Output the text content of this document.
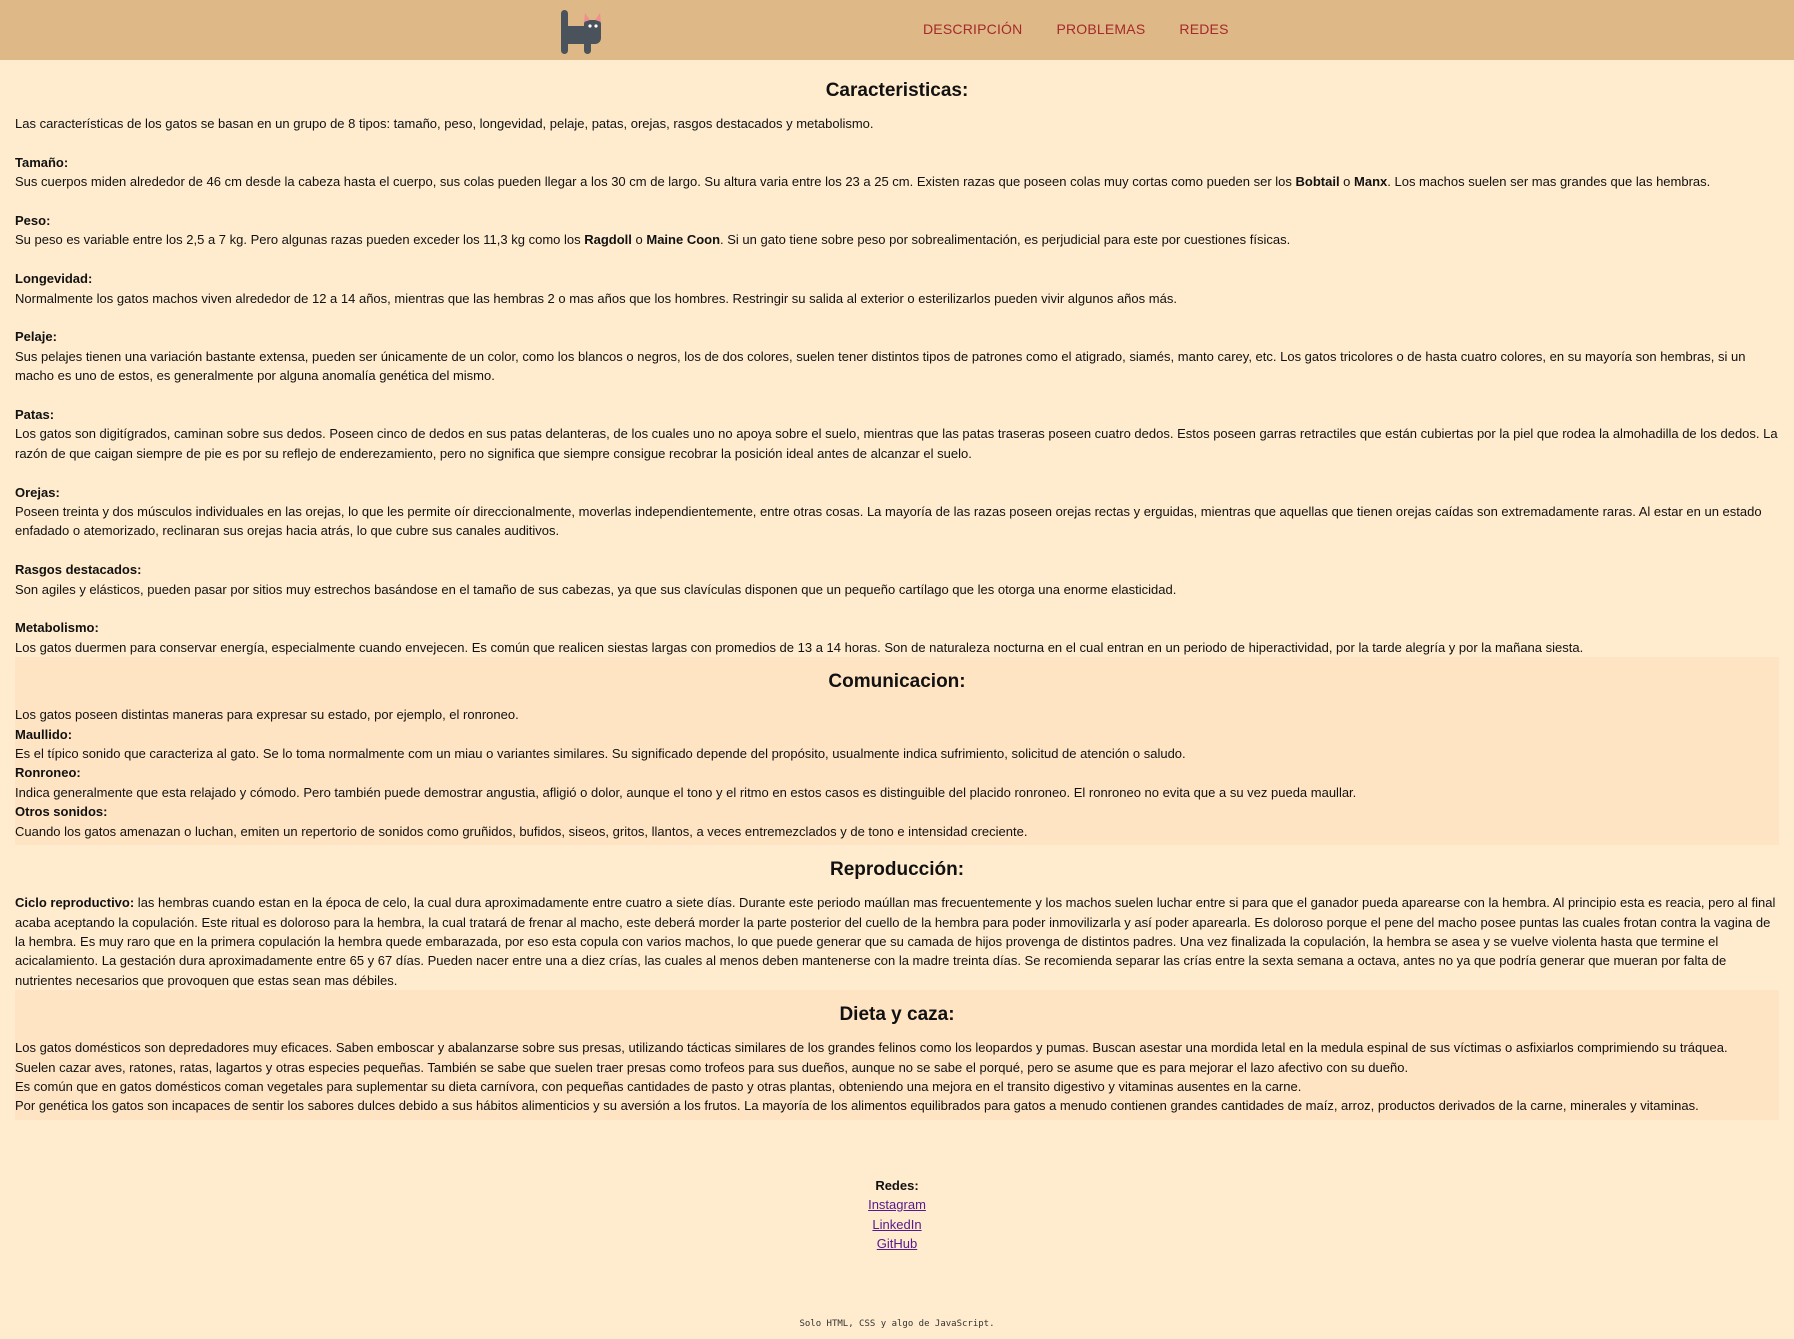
DESCRIPCIÓN PROBLEMAS REDES
Caracteristicas:

Las características de los gatos se basan en un grupo de 8 tipos: tamaño, peso, longevidad, pelaje, patas, orejas, rasgos destacados y metabolismo.

Tamaño:
Sus cuerpos miden alrededor de 46 cm desde la cabeza hasta el cuerpo, sus colas pueden llegar a los 30 cm de largo. Su altura varia entre los 23 a 25 cm. Existen razas que poseen colas muy cortas como pueden ser los Bobtail o Manx. Los machos suelen ser mas grandes que las hembras.

Peso:
Su peso es variable entre los 2,5 a 7 kg. Pero algunas razas pueden exceder los 11,3 kg como los Ragdoll o Maine Coon. Si un gato tiene sobre peso por sobrealimentación, es perjudicial para este por cuestiones físicas.

Longevidad:
Normalmente los gatos machos viven alrededor de 12 a 14 años, mientras que las hembras 2 o mas años que los hombres. Restringir su salida al exterior o esterilizarlos pueden vivir algunos años más.

Pelaje:
Sus pelajes tienen una variación bastante extensa, pueden ser únicamente de un color, como los blancos o negros, los de dos colores, suelen tener distintos tipos de patrones como el atigrado, siamés, manto carey, etc. Los gatos tricolores o de hasta cuatro colores, en su mayoría son hembras, si un macho es uno de estos, es generalmente por alguna anomalía genética del mismo.

Patas:
Los gatos son digitígrados, caminan sobre sus dedos. Poseen cinco de dedos en sus patas delanteras, de los cuales uno no apoya sobre el suelo, mientras que las patas traseras poseen cuatro dedos. Estos poseen garras retractiles que están cubiertas por la piel que rodea la almohadilla de los dedos. La razón de que caigan siempre de pie es por su reflejo de enderezamiento, pero no significa que siempre consigue recobrar la posición ideal antes de alcanzar el suelo.

Orejas:
Poseen treinta y dos músculos individuales en las orejas, lo que les permite oír direccionalmente, moverlas independientemente, entre otras cosas. La mayoría de las razas poseen orejas rectas y erguidas, mientras que aquellas que tienen orejas caídas son extremadamente raras. Al estar en un estado enfadado o atemorizado, reclinaran sus orejas hacia atrás, lo que cubre sus canales auditivos.

Rasgos destacados:
Son agiles y elásticos, pueden pasar por sitios muy estrechos basándose en el tamaño de sus cabezas, ya que sus clavículas disponen que un pequeño cartílago que les otorga una enorme elasticidad.

Metabolismo:
Los gatos duermen para conservar energía, especialmente cuando envejecen. Es común que realicen siestas largas con promedios de 13 a 14 horas. Son de naturaleza nocturna en el cual entran en un periodo de hiperactividad, por la tarde alegría y por la mañana siesta.

Comunicacion:

Los gatos poseen distintas maneras para expresar su estado, por ejemplo, el ronroneo.

Maullido:
Es el típico sonido que caracteriza al gato. Se lo toma normalmente com un miau o variantes similares. Su significado depende del propósito, usualmente indica sufrimiento, solicitud de atención o saludo.

Ronroneo:
Indica generalmente que esta relajado y cómodo. Pero también puede demostrar angustia, afligió o dolor, aunque el tono y el ritmo en estos casos es distinguible del placido ronroneo. El ronroneo no evita que a su vez pueda maullar.

Otros sonidos:
Cuando los gatos amenazan o luchan, emiten un repertorio de sonidos como gruñidos, bufidos, siseos, gritos, llantos, a veces entremezclados y de tono e intensidad creciente.

Reproducción:

Ciclo reproductivo: las hembras cuando estan en la época de celo, la cual dura aproximadamente entre cuatro a siete días. Durante este periodo maúllan mas frecuentemente y los machos suelen luchar entre si para que el ganador pueda aparearse con la hembra. Al principio esta es reacia, pero al final acaba aceptando la copulación. Este ritual es doloroso para la hembra, la cual tratará de frenar al macho, este deberá morder la parte posterior del cuello de la hembra para poder inmovilizarla y así poder aparearla. Es doloroso porque el pene del macho posee puntas las cuales frotan contra la vagina de la hembra. Es muy raro que en la primera copulación la hembra quede embarazada, por eso esta copula con varios machos, lo que puede generar que su camada de hijos provenga de distintos padres. Una vez finalizada la copulación, la hembra se asea y se vuelve violenta hasta que termine el acicalamiento. La gestación dura aproximadamente entre 65 y 67 días. Pueden nacer entre una a diez crías, las cuales al menos deben mantenerse con la madre treinta días. Se recomienda separar las crías entre la sexta semana a octava, antes no ya que podría generar que mueran por falta de nutrientes necesarios que provoquen que estas sean mas débiles.

Dieta y caza:

Los gatos domésticos son depredadores muy eficaces. Saben emboscar y abalanzarse sobre sus presas, utilizando tácticas similares de los grandes felinos como los leopardos y pumas. Buscan asestar una mordida letal en la medula espinal de sus víctimas o asfixiarlos comprimiendo su tráquea.

Suelen cazar aves, ratones, ratas, lagartos y otras especies pequeñas. También se sabe que suelen traer presas como trofeos para sus dueños, aunque no se sabe el porqué, pero se asume que es para mejorar el lazo afectivo con su dueño.

Es común que en gatos domésticos coman vegetales para suplementar su dieta carnívora, con pequeñas cantidades de pasto y otras plantas, obteniendo una mejora en el transito digestivo y vitaminas ausentes en la carne.

Por genética los gatos son incapaces de sentir los sabores dulces debido a sus hábitos alimenticios y su aversión a los frutos. La mayoría de los alimentos equilibrados para gatos a menudo contienen grandes cantidades de maíz, arroz, productos derivados de la carne, minerales y vitaminas.

Redes:
Instagram
LinkedIn
GitHub
Solo HTML, CSS y algo de JavaScript.
